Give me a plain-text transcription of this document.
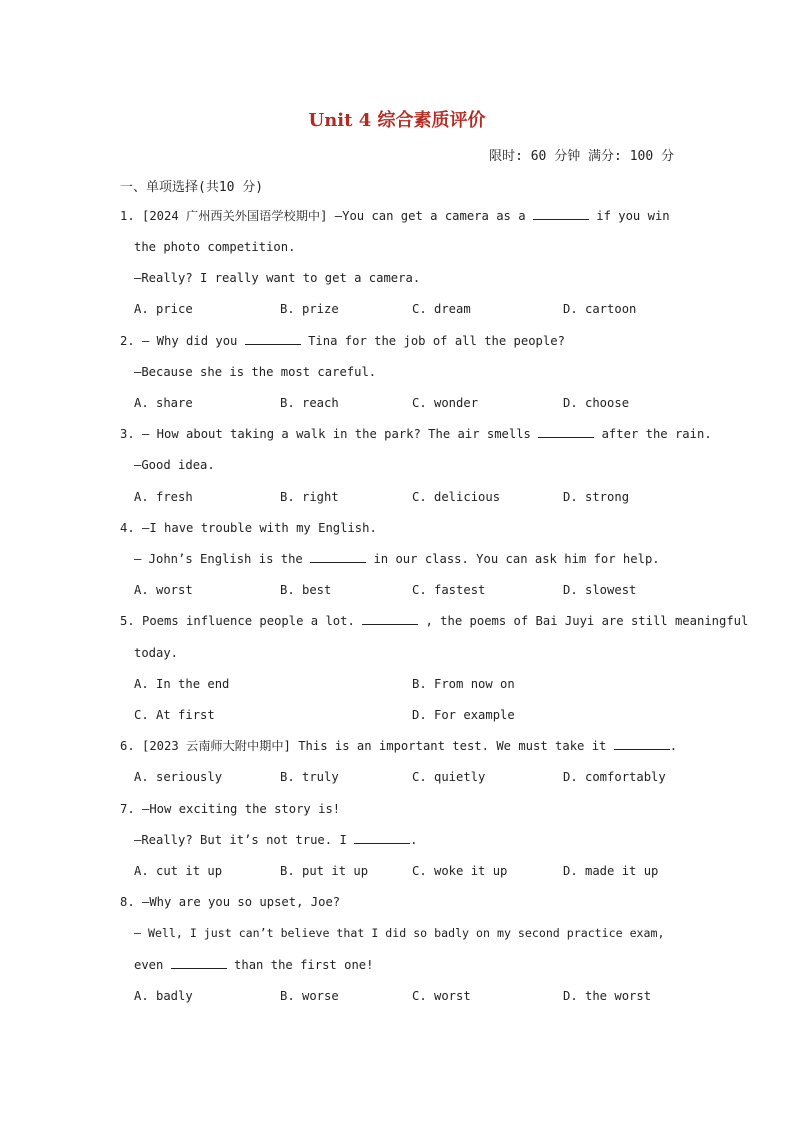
Unit 4 综合素质评价
限时: 60 分钟 满分: 100 分
一、单项选择(共10 分)
1. [2024 广州西关外国语学校期中] —You can get a camera as a	if you win
the photo competition.
—Really? I really want to get a camera.
A. price	B. prize	C. dream	D. cartoon
2. — Why did you	Tina for the job of all the people?
—Because she is the most careful.
A. share	B. reach	C. wonder	D. choose
3. — How about taking a walk in the park? The air smells	after the rain.
—Good idea.
A. fresh	B. right	C. delicious	D. strong
4. —I have trouble with my English.
— John’s English is the	in our class. You can ask him for help.
A. worst	B. best	C. fastest	D. slowest
5. Poems influence people a lot.	, the poems of Bai Juyi are still meaningful
today.
A. In the end	B. From now on
C. At first	D. For example
6. [2023 云南师大附中期中] This is an important test. We must take it	.
A. seriously	B. truly	C. quietly	D. comfortably
7. —How exciting the story is!
—Really? But it’s not true. I	.
A. cut it up	B. put it up	C. woke it up	D. made it up
8. —Why are you so upset, Joe?
— Well, I just can’t believe that I did so badly on my second practice exam,
even	than the first one!
A. badly	B. worse	C. worst	D. the worst
